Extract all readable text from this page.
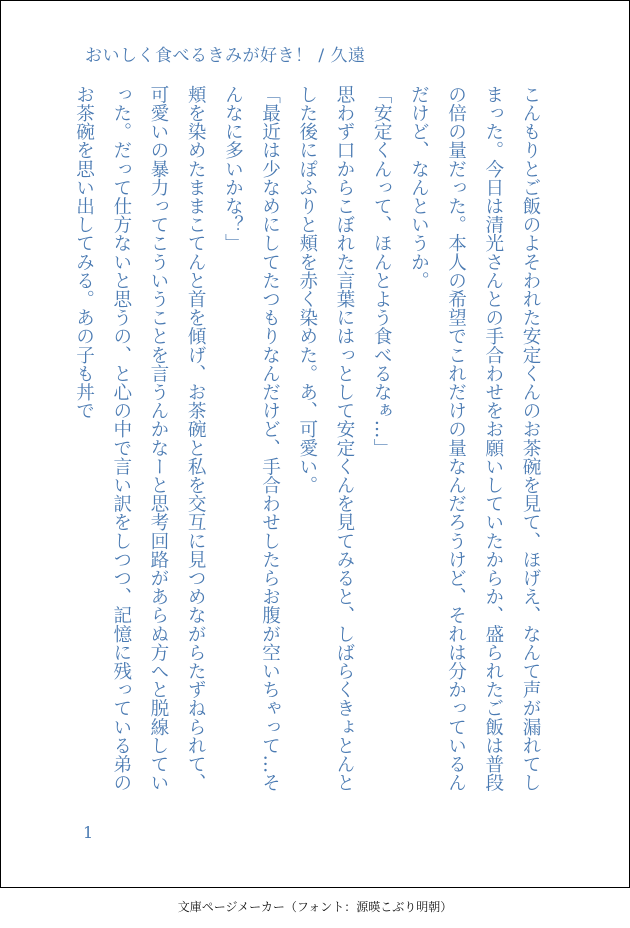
おいしく食べるきみが好き！ / 久遠

こんもりとご飯のよそわれた安定くんのお茶碗を見て、ほげえ、なんて声が漏れてしまった。今日は清光さんとの手合わせをお願いしていたからか、盛られたご飯は普段の倍の量だった。本人の希望でこれだけの量なんだろうけど、それは分かっているんだけど、なんというか。

「安定くんって、ほんとよう食べるなぁ…」

思わず口からこぼれた言葉にはっとして安定くんを見てみると、しばらくきょとんとした後にぽふりと頬を赤く染めた。あ、可愛い。

「最近は少なめにしてたつもりなんだけど、手合わせしたらお腹が空いちゃって…そんなに多いかな？」

頬を染めたままこてんと首を傾げ、お茶碗と私を交互に見つめながらたずねられて、可愛いの暴力ってこういうことを言うんかなーと思考回路があらぬ方へと脱線していった。だって仕方ないと思うの、と心の中で言い訳をしつつ、記憶に残っている弟のお茶碗を思い出してみる。あの子も丼で

1
文庫ページメーカー（フォント：源暎こぶり明朝）
